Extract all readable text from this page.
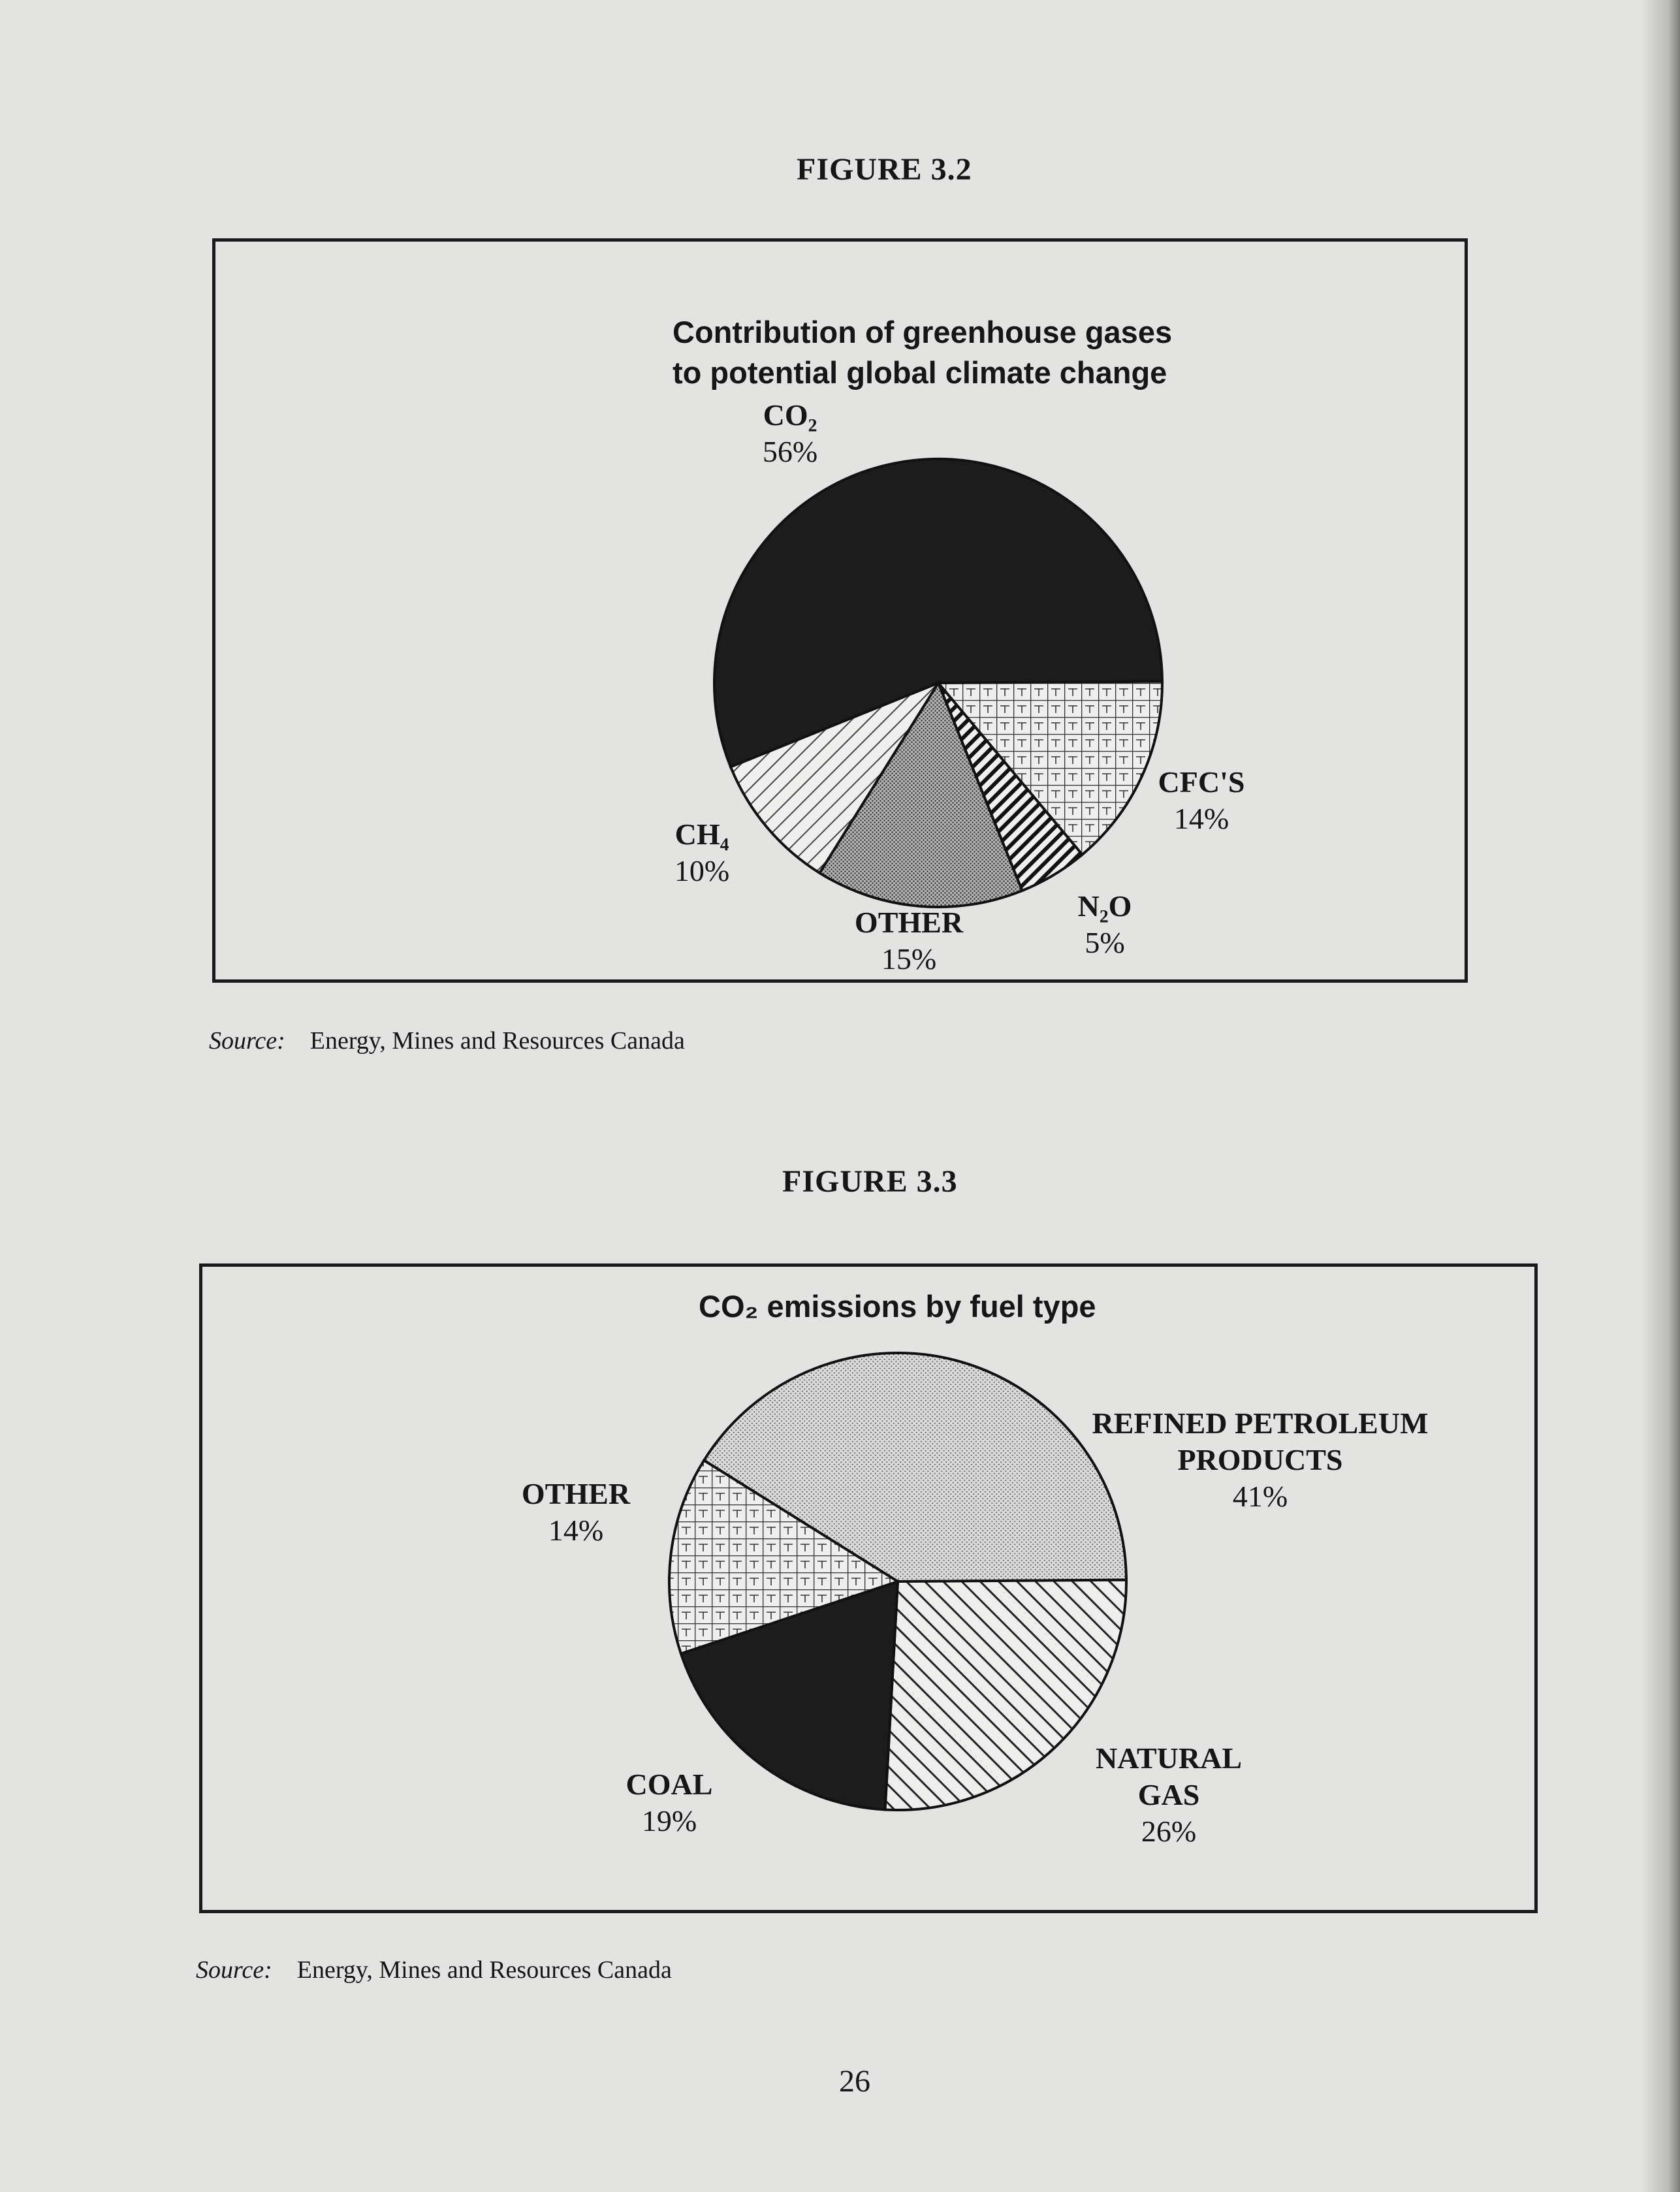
FIGURE 3.2
Contribution of greenhouse gases
to potential global climate change
CO₂
56%
CFC'S
14%
N₂O
5%
OTHER
15%
CH₄
10%
Source: Energy, Mines and Resources Canada
FIGURE 3.3
CO₂ emissions by fuel type
REFINED PETROLEUM
PRODUCTS
41%
NATURAL
GAS
26%
COAL
19%
OTHER
14%
Source: Energy, Mines and Resources Canada
26
